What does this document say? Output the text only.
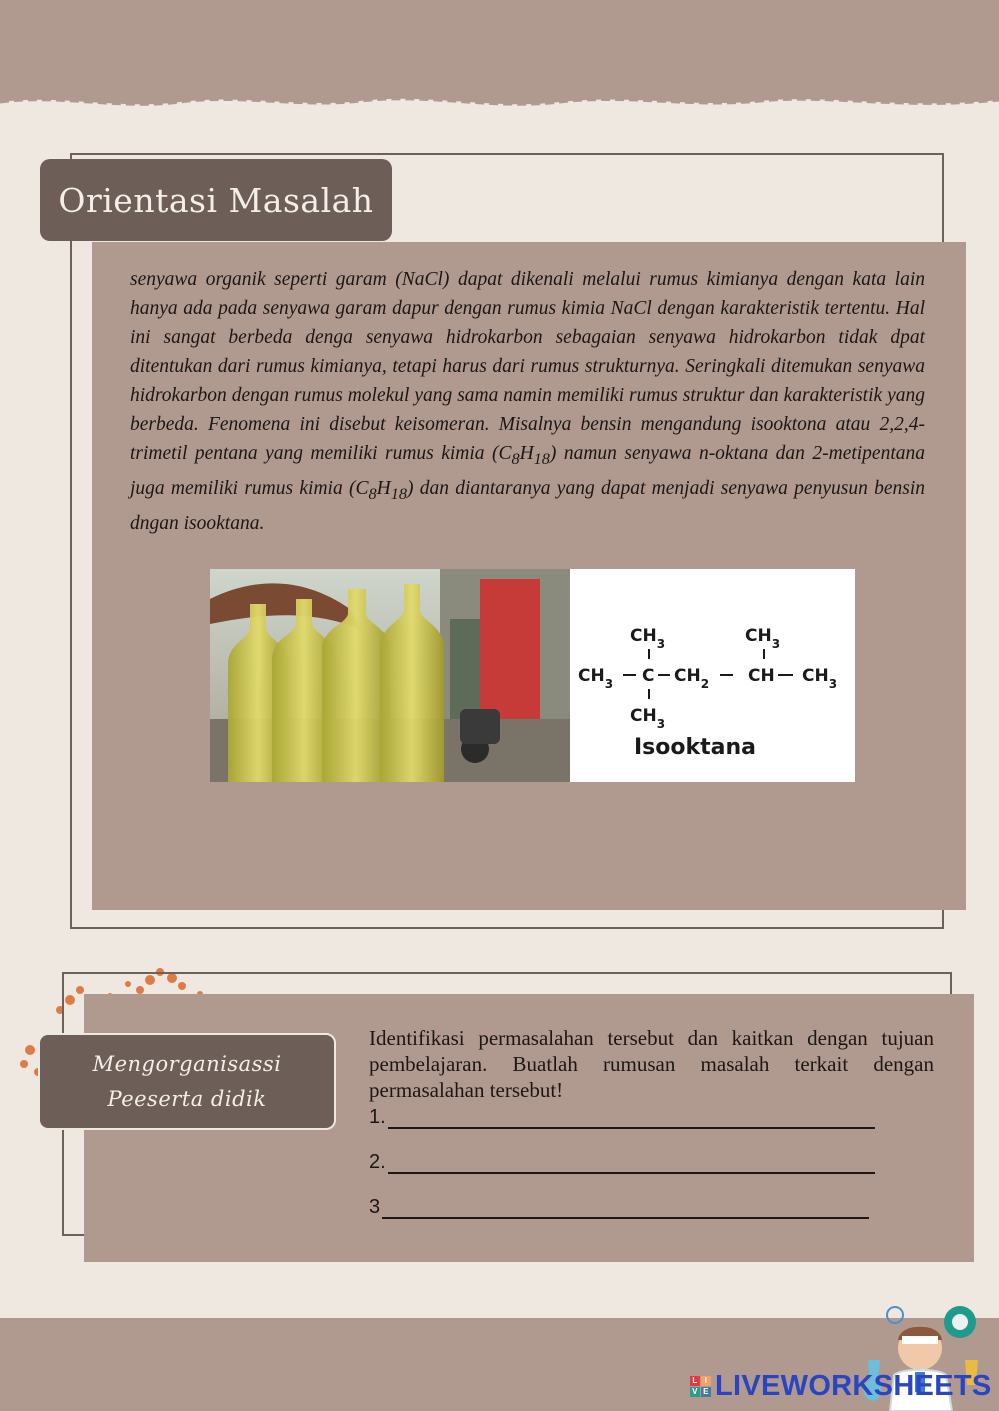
Orientasi Masalah

senyawa organik seperti garam (NaCl) dapat dikenali melalui rumus kimianya dengan kata lain hanya ada pada senyawa garam dapur dengan rumus kimia NaCl dengan karakteristik tertentu. Hal ini sangat berbeda denga senyawa hidrokarbon sebagaian senyawa hidrokarbon tidak dpat ditentukan dari rumus kimianya, tetapi harus dari rumus strukturnya. Seringkali ditemukan senyawa hidrokarbon dengan rumus molekul yang sama namin memiliki rumus struktur dan karakteristik yang berbeda. Fenomena ini disebut keisomeran. Misalnya bensin mengandung isooktona atau 2,2,4-trimetil pentana yang memiliki rumus kimia $(C_8H_{18})$ namun senyawa n-oktana dan 2-metipentana juga memiliki rumus kimia $(C_8H_{18})$ dan diantaranya yang dapat menjadi senyawa penyusun bensin dngan isooktana.

$CH_3$	$CH_3$
$CH_3$ C $CH_2$ CH $CH_3$
$CH_3$
Isooktana
Mengorganisassi
Peeserta didik

Identifikasi permasalahan tersebut dan kaitkan dengan tujuan pembelajaran. Buatlah rumusan masalah terkait dengan permasalahan tersebut!

1.
2.
3
L I
V E LIVEWORKSHEETS
